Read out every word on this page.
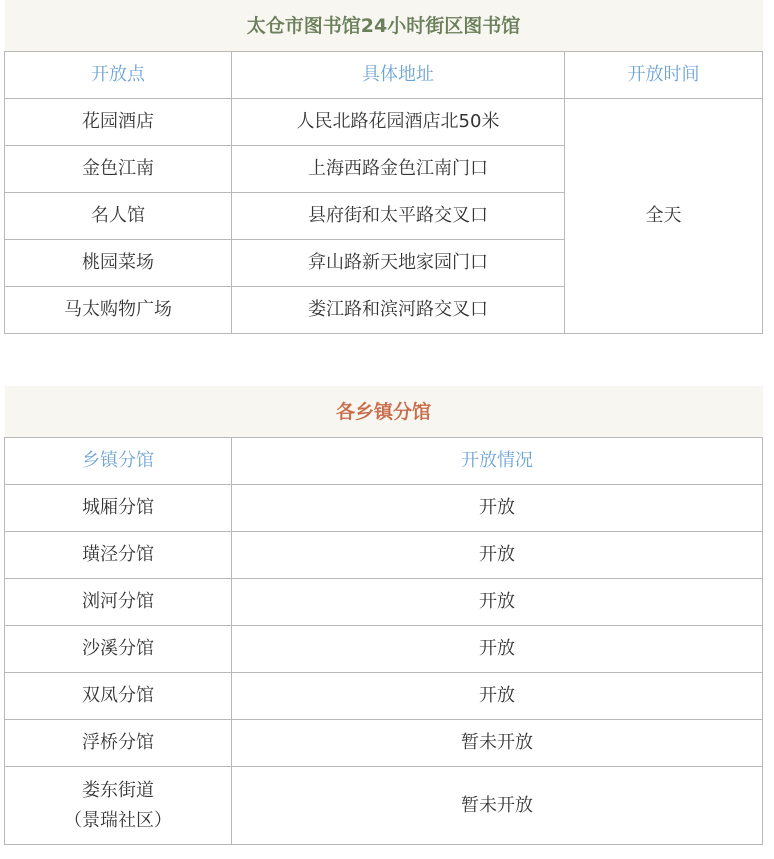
太仓市图书馆24小时街区图书馆		
开放点	具体地址	开放时间
花园酒店	人民北路花园酒店北50米	全天
金色江南	上海西路金色江南门口	
名人馆	县府街和太平路交叉口	
桃园菜场	弇山路新天地家园门口	
马太购物广场	娄江路和滨河路交叉口	
各乡镇分馆	
乡镇分馆	开放情况
城厢分馆	开放
璜泾分馆	开放
浏河分馆	开放
沙溪分馆	开放
双凤分馆	开放
浮桥分馆	暂未开放

娄东街道
（景瑞社区）	暂未开放
